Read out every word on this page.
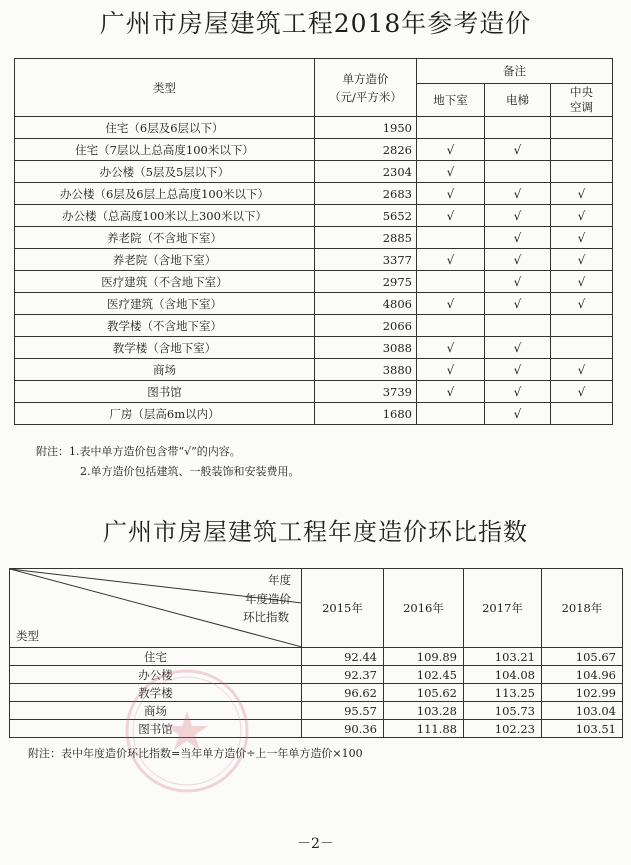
广州市房屋建筑工程2018年参考造价
类型	单方造价
（元/平方米）	备注		
		地下室	电梯	中央
空调

住宅（6层及6层以下）	1950			
住宅（7层以上总高度100米以下）	2826	√	√	
办公楼（5层及5层以下）	2304	√		
办公楼（6层及6层上总高度100米以下）	2683	√	√	√
办公楼（总高度100米以上300米以下）	5652	√	√	√
养老院（不含地下室）	2885		√	√
养老院（含地下室）	3377	√	√	√
医疗建筑（不含地下室）	2975		√	√
医疗建筑（含地下室）	4806	√	√	√
教学楼（不含地下室）	2066			
教学楼（含地下室）	3088	√	√	
商场	3880	√	√	√
图书馆	3739	√	√	√
厂房（层高6m以内）	1680		√	
附注：1.表中单方造价包含带“√”的内容。
2.单方造价包括建筑、一般装饰和安装费用。
广州市房屋建筑工程年度造价环比指数
年度
年度造价
环比指数
类型	2015年	2016年	2017年	2018年
住宅	92.44	109.89	103.21	105.67
办公楼	92.37	102.45	104.08	104.96
教学楼	96.62	105.62	113.25	102.99
商场	95.57	103.28	105.73	103.04
图书馆	90.36	111.88	102.23	103.51
附注：表中年度造价环比指数=当年单方造价÷上一年单方造价×100
－2－
